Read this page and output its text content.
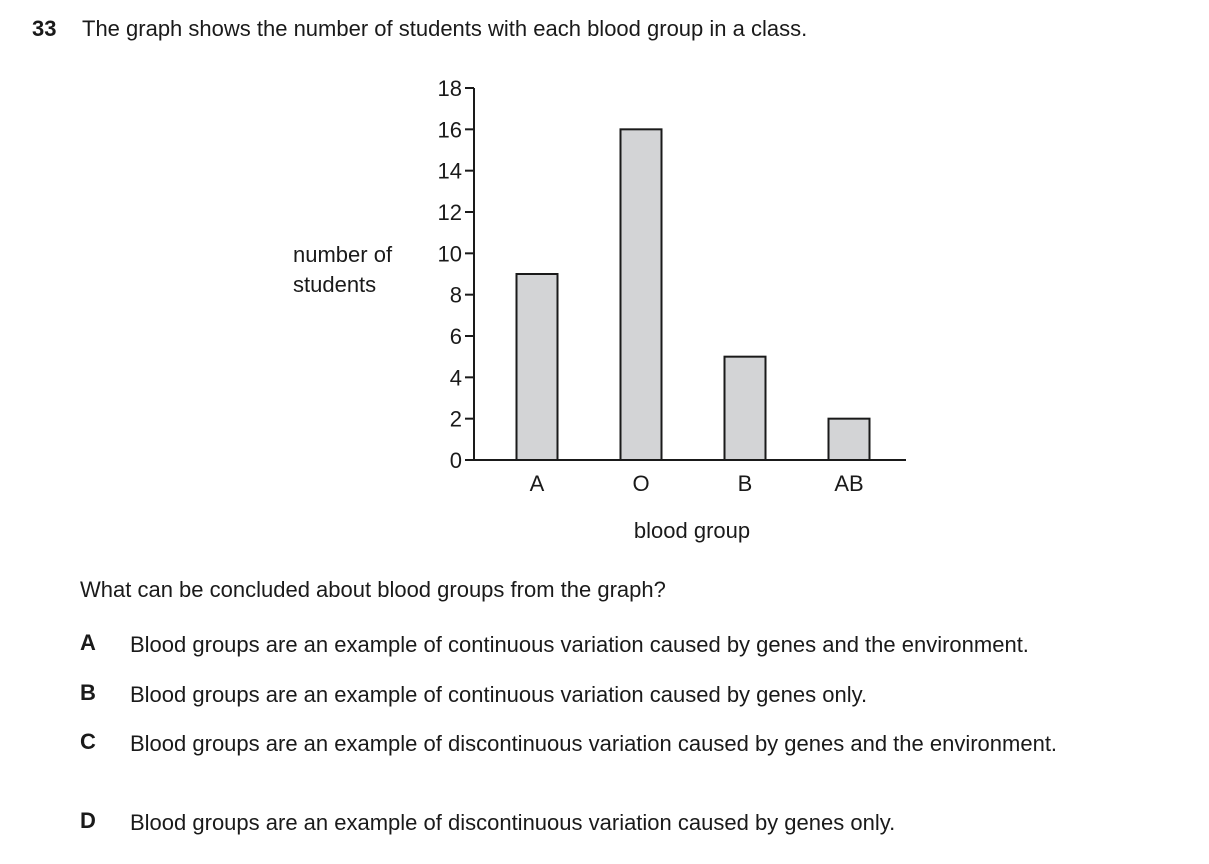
33 The graph shows the number of students with each blood group in a class.
number of
students
0
2
4
6
8
10
12
14
16
18
A	O	B	AB
blood group
What can be concluded about blood groups from the graph?
A Blood groups are an example of continuous variation caused by genes and the environment.
B Blood groups are an example of continuous variation caused by genes only.
C Blood groups are an example of discontinuous variation caused by genes and the environment.
D Blood groups are an example of discontinuous variation caused by genes only.
